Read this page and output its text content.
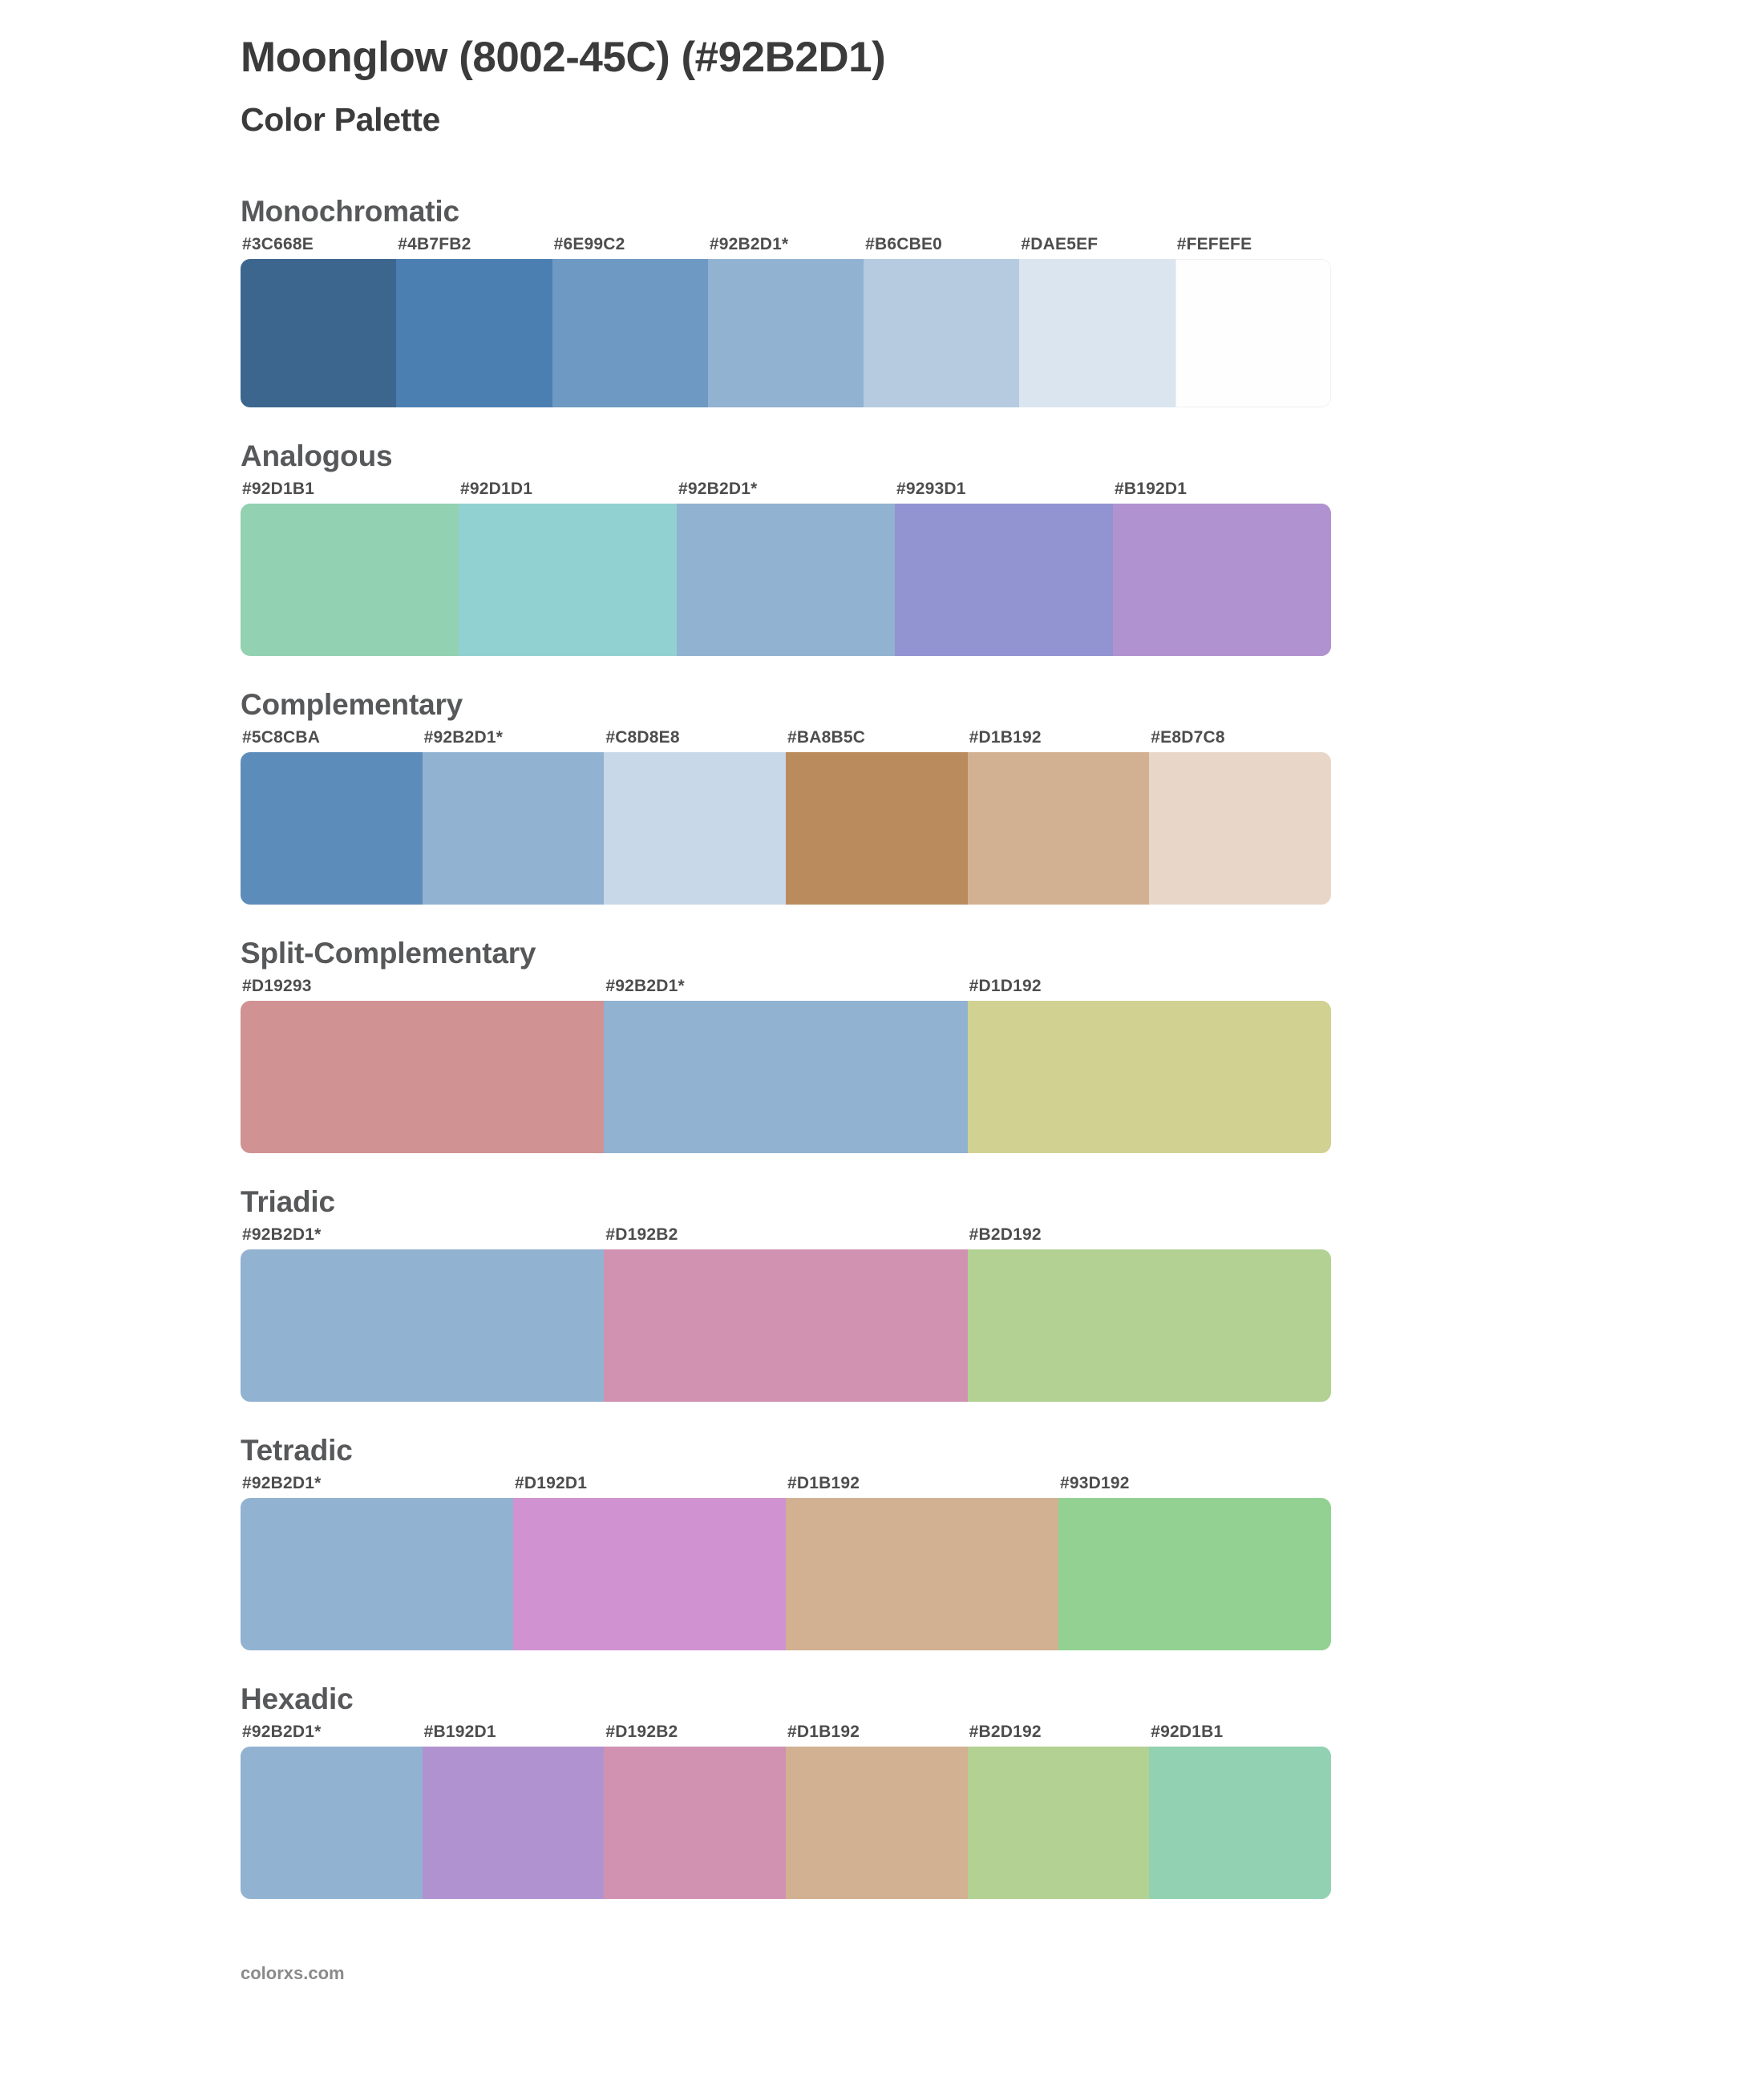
Moonglow (8002-45C) (#92B2D1)
Color Palette
Monochromatic
#3C668E	#4B7FB2	#6E99C2	#92B2D1*	#B6CBE0	#DAE5EF	#FEFEFE
Analogous
#92D1B1	#92D1D1	#92B2D1*	#9293D1	#B192D1
Complementary
#5C8CBA	#92B2D1*	#C8D8E8	#BA8B5C	#D1B192	#E8D7C8
Split-Complementary
#D19293	#92B2D1*	#D1D192
Triadic
#92B2D1*	#D192B2	#B2D192
Tetradic
#92B2D1*	#D192D1	#D1B192	#93D192
Hexadic
#92B2D1*	#B192D1	#D192B2	#D1B192	#B2D192	#92D1B1
colorxs.com
